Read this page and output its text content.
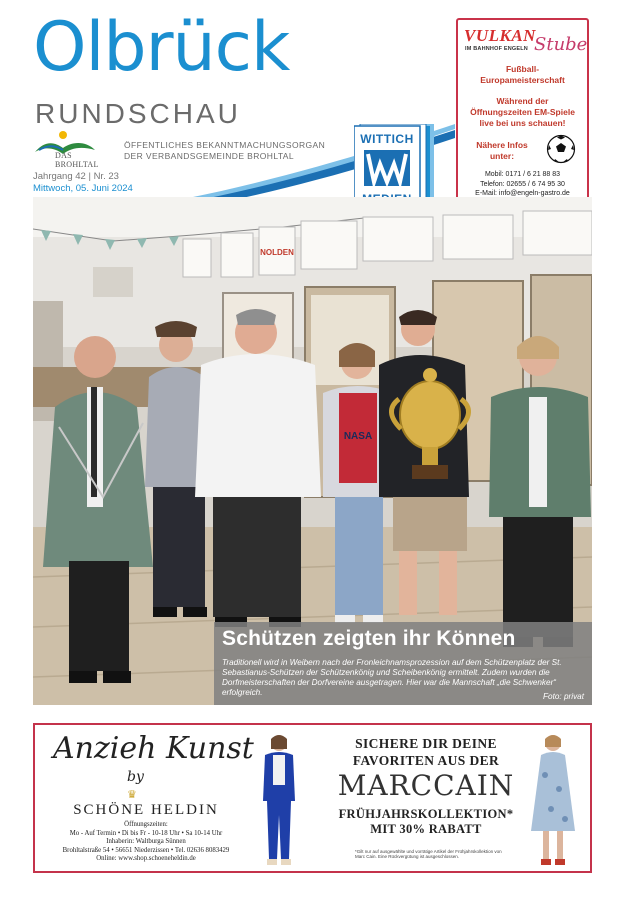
Olbrück
RUNDSCHAU
DAS BROHLTAL
ÖFFENTLICHES BEKANNTMACHUNGSORGAN
DER VERBANDSGEMEINDE BROHLTAL
Jahrgang 42 | Nr. 23
Mittwoch, 05. Juni 2024
WITTICH
VULKAN
Stube
IM BAHNHOF ENGELN
Fußball-
Europameisterschaft
Während der
Öffnungszeiten EM-Spiele
live bei uns schauen!
Nähere Infos
unter:
Mobil: 0171 / 6 21 88 83
Telefon: 02655 / 6 74 95 30
E-Mail: info@engeln-gastro.de
NOLDEN
NASA
Schützen zeigten ihr Können
Traditionell wird in Weibern nach der Fronleichnamsprozession auf dem Schützenplatz der St. Sebastianus-Schützen der Schützenkönig und Scheibenkönig ermittelt. Zudem wurden die Dorfmeisterschaften der Dorfvereine ausgetragen. Hier war die Mannschaft „die Schwenker“ erfolgreich.	Foto: privat
Anzieh Kunst
by
♛
SCHÖNE HELDIN
Öffnungszeiten:
Mo - Auf Termin • Di bis Fr - 10-18 Uhr • Sa 10-14 Uhr
Inhaberin: Waltburga Sünnen
Brohltalstraße 54 • 56651 Niederzissen • Tel. 02636 8083429
Online: www.shop.schoeneheldin.de
SICHERE DIR DEINE
FAVORITEN AUS DER
MARCCAIN
FRÜHJAHRSKOLLEKTION*
MIT 30% RABATT
*Gilt nur auf ausgewählte und vorrätige Artikel der Frühjahrskollektion von Marc Cain. Eine Rückvergütung ist ausgeschlossen.
